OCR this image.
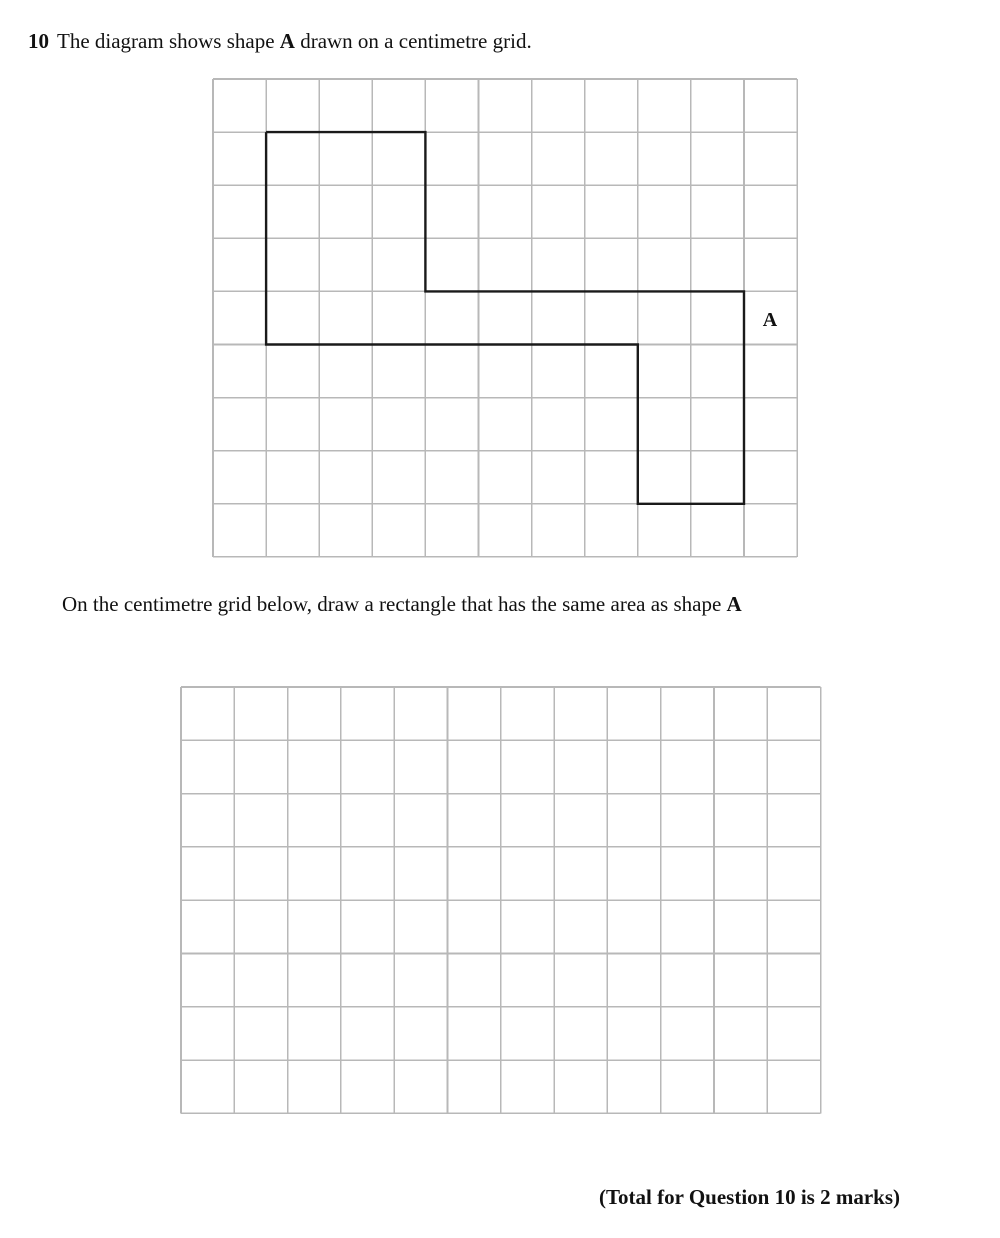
10 The diagram shows shape A drawn on a centimetre grid.
A
On the centimetre grid below, draw a rectangle that has the same area as shape A
(Total for Question 10 is 2 marks)
